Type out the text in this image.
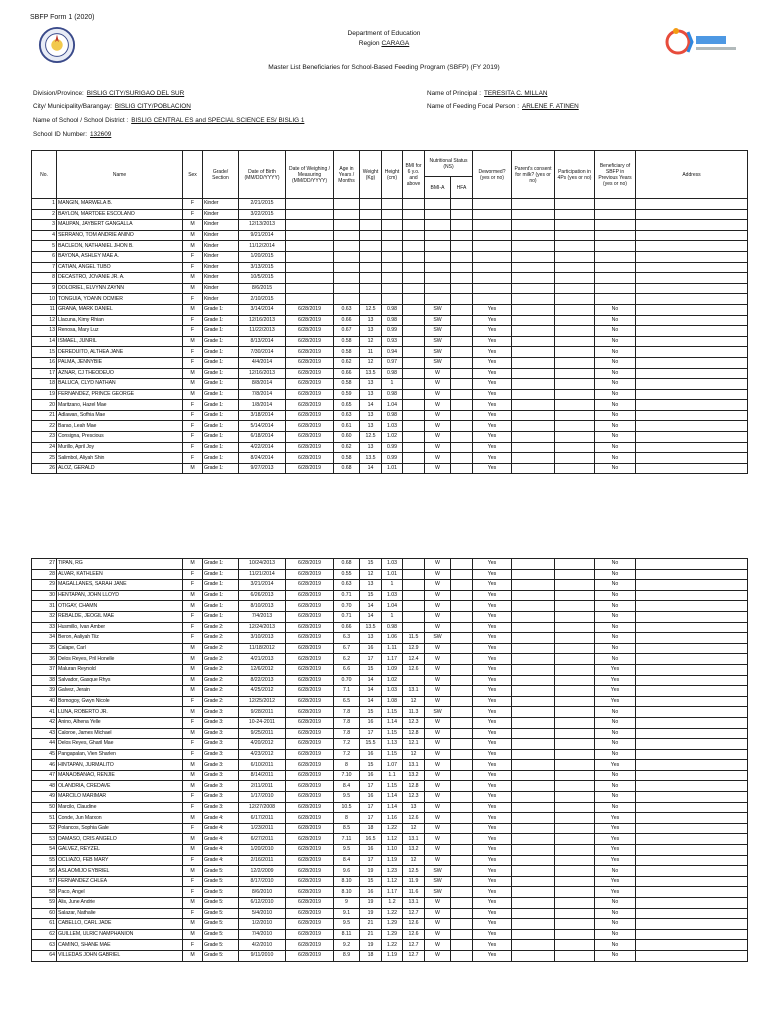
SBFP Form 1 (2020)
Department of Education
Region CARAGA
Master List Beneficiaries for School-Based Feeding Program (SBFP) (FY 2019)
Division/Province: BISLIG CITY/SURIGAO DEL SUR
City/ Municipality/Barangay: BISLIG CITY/POBLACION
Name of School / School District : BISLIG CENTRAL ES and SPECIAL SCIENCE ES/ BISLIG 1
School ID Number: 132609
Name of Principal : TERESITA C. MILLAN
Name of Feeding Focal Person : ARLENE F. ATINEN
No.	Name	Sex	Grade/ Section	Date of Birth (MM/DD/YYYY)	Date of Weighing / Measuring (MM/DD/YYYY)	Age in Years / Months	Weight (Kg)	Height (cm)	BMI for 6 y.o. and above	Nutritional Status (NS)		Dewormed? (yes or no)	Parent's consent for milk? (yes or no)	Participation in 4Ps (yes or no)	Beneficiary of SBFP in Previous Years (yes or no)	Address
										BMI-A	HFA					
1	MANGIN, MARWELA B.	F	Kinder	2/21/2015												
2	BAYLON, MARTDEE ESCOLANO	F	Kinder	3/22/2015												
3	MAUPAN, JAYBERT GANGALLA	M	Kinder	12/13/2013												
4	SERRANO, TOM ANDRIE ANINO	M	Kinder	9/21/2014												
5	BACLEON, NATHANIEL JHON B.	M	Kinder	11/12/2014												
6	BAYONA, ASHLEY MAE A.	F	Kinder	1/20/2015												
7	CATIAN, ANGEL TUBO	F	Kinder	3/13/2015												
8	DECASTRO, JOVANIE JR. A.	M	Kinder	10/5/2015												
9	DOLORIEL, ELVYNN ZAYNN	M	Kinder	8/6/2015												
10	TONGUIA, YOANN OCMIER	F	Kinder	2/10/2015												
11	GRANA, MARK DANIEL	M	Grade 1:	3/14/2014	6/28/2019	0.63	12.5	0.98		SW		Yes			No	
12	Llacuna, Kimy Rhian	F	Grade 1:	12/16/2013	6/28/2019	0.66	13	0.98		SW		Yes			No	
13	Renosa, Mary Luz	F	Grade 1:	11/22/2013	6/28/2019	0.67	13	0.99		SW		Yes			No	
14	ISMAEL, JUNRIL	M	Grade 1:	8/13/2014	6/28/2019	0.58	12	0.93		SW		Yes			No	
15	DEREDUITO, ALTHEA JANE	F	Grade 1:	7/30/2014	6/28/2019	0.58	11	0.94		SW		Yes			No	
16	PALMA, JENNYBIE	F	Grade 1:	4/4/2014	6/28/2019	0.62	12	0.97		SW		Yes			No	
17	AZNAR, CJ THEODEUO	M	Grade 1:	12/16/2013	6/28/2019	0.66	13.5	0.98		W		Yes			No	
18	BALUCA, CLYD NATHAN	M	Grade 1:	8/8/2014	6/28/2019	0.58	13	1		W		Yes			No	
19	FERNANDEZ, PRINCE GEORGE	M	Grade 1:	7/8/2014	6/28/2019	0.59	13	0.98		W		Yes			No	
20	Maritzano, Hazel Mae	F	Grade 1:	1/8/2014	6/28/2019	0.65	14	1.04		W		Yes			No	
21	Adlawan, Sofhia Mae	F	Grade 1:	3/18/2014	6/28/2019	0.63	13	0.98		W		Yes			No	
22	Barao, Leah Mae	F	Grade 1:	5/14/2014	6/28/2019	0.61	13	1.03		W		Yes			No	
23	Consigna, Prescious	F	Grade 1:	6/18/2014	6/28/2019	0.60	12.5	1.02		W		Yes			No	
24	Murillo, April Joy	F	Grade 1:	4/22/2014	6/28/2019	0.62	13	0.99		W		Yes			No	
25	Salimbol, Aliyah Shin	F	Grade 1:	8/24/2014	6/28/2019	0.58	13.5	0.99		W		Yes			No	
26	ALOZ, GERALD	M	Grade 1:	9/27/2013	6/28/2019	0.68	14	1.01		W		Yes			No	
27	TIPAN, RG	M	Grade 1:	10/24/2013	6/28/2019	0.68	15	1.03		W		Yes			No	
28	ALVAR, KATHLEEN	F	Grade 1:	11/21/2014	6/28/2019	0.55	12	1.01		W		Yes			No	
29	MAGALLANES, SARAH JANE	F	Grade 1:	3/21/2014	6/28/2019	0.63	13	1		W		Yes			No	
30	HENTAPAN, JOHN LLOYD	M	Grade 1:	6/26/2013	6/28/2019	0.71	15	1.03		W		Yes			No	
31	OTIGAY, CHAMN	M	Grade 1:	8/10/2013	6/28/2019	0.70	14	1.04		W		Yes			No	
32	REBALDE, JEOGIL MAE	F	Grade 1:	7/4/2013	6/28/2019	0.71	14	1		W		Yes			No	
33	Husmillo, Ivan Amber	F	Grade 2:	12/24/2013	6/28/2019	0.66	13.5	0.98		W		Yes			No	
34	Beron, Aaliyah Tiiz	F	Grade 2:	3/10/2013	6/28/2019	6.3	13	1.06	11.5	SW		Yes			No	
35	Calape, Carl	M	Grade 2:	11/18/2012	6/28/2019	6.7	16	1.11	12.9	W		Yes			No	
36	Delos Reyes, Pril Honelle	M	Grade 2:	4/21/2013	6/28/2019	6.2	17	1.17	12.4	W		Yes			No	
37	Maluran Reynold	M	Grade 2:	12/6/2012	6/28/2019	6.6	15	1.09	12.6	W		Yes			Yes	
38	Salvador, Gasque Rhys	M	Grade 2:	8/22/2013	6/28/2019	0.70	14	1.02		W		Yes			Yes	
39	Galvez, Jerain	M	Grade 2:	4/25/2012	6/28/2019	7.1	14	1.03	13.1	W		Yes			Yes	
40	Bomogoy, Gwyn Nicole	F	Grade 2:	12/25/2012	6/28/2019	6.5	14	1.08	12	W		Yes			Yes	
41	LUNA, ROBERTO JR.	M	Grade 3:	9/28/2011	6/28/2019	7.8	15	1.15	11.3	SW		Yes			No	
42	Anino, Alhena Yelle	F	Grade 3:	10-24-2011	6/28/2019	7.8	16	1.14	12.3	W		Yes			No	
43	Caloroe, James Michael	M	Grade 3:	9/25/2011	6/28/2019	7.8	17	1.15	12.8	W		Yes			No	
44	Delos Reyes, Gharil Mae	F	Grade 3:	4/20/2012	6/28/2019	7.2	15.5	1.13	12.1	W		Yes			No	
45	Pangapalan, Vien Sharlen	F	Grade 3:	4/23/2012	6/28/2019	7.2	16	1.15	12	W		Yes			No	
46	HINTAPAN, JURMALITO	M	Grade 3:	6/10/2011	6/28/2019	8	15	1.07	13.1	W		Yes			Yes	
47	MANAOBANAO, RENJIE	M	Grade 3:	8/14/2011	6/28/2019	7.10	16	1.1	13.2	W		Yes			No	
48	OLANDRIA, CREDAVE	M	Grade 3:	2/11/2011	6/28/2019	8.4	17	1.15	12.8	W		Yes			No	
49	MARCILO MARIMAR	F	Grade 3:	1/17/2010	6/28/2019	9.5	16	1.14	12.3	W		Yes			No	
50	Marcilo, Claudine	F	Grade 3:	12/27/2008	6/28/2019	10.5	17	1.14	13	W		Yes			No	
51	Conde, Jun Marxon	M	Grade 4:	6/17/2011	6/28/2019	8	17	1.16	12.6	W		Yes			Yes	
52	Polancos, Sophia Gale	F	Grade 4:	1/23/2011	6/28/2019	8.5	18	1.22	12	W		Yes			Yes	
53	DAMASO, CRIS ANGELO	M	Grade 4:	6/27/2011	6/28/2019	7.11	16.5	1.12	13.1	W		Yes			Yes	
54	GALVEZ, REYZEL	M	Grade 4:	1/20/2010	6/28/2019	9.5	16	1.10	13.2	W		Yes			Yes	
55	OCLIAZO, FEB MARY	F	Grade 4:	2/16/2011	6/28/2019	8.4	17	1.19	12	W		Yes			Yes	
56	ASLAOMIJO EYBRIEL	M	Grade 5:	12/2/2009	6/28/2019	9.6	19	1.23	12.5	SW		Yes			No	
57	FERNANDEZ CHLEA	F	Grade 5:	8/17/2010	6/28/2019	8.10	15	1.12	11.9	SW		Yes			Yes	
58	Paco, Angel	F	Grade 5:	8/6/2010	6/28/2019	8.10	16	1.17	11.6	SW		Yes			Yes	
59	Alis, June Andrie	M	Grade 5:	6/12/2010	6/28/2019	9	19	1.2	13.1	W		Yes			No	
60	Salazar, Nathalie	F	Grade 5:	5/4/2010	6/28/2019	9.1	19	1.22	12.7	W		Yes			No	
61	CABELLO, CARL JADE	M	Grade 5:	1/2/2010	6/28/2019	9.5	21	1.29	12.6	W		Yes			No	
62	GUILLEM, ULRIC NAMPHANION	M	Grade 5:	7/4/2010	6/28/2019	8.11	21	1.29	12.6	W		Yes			No	
63	CAMINO, SHANE MAE	F	Grade 5:	4/2/2010	6/28/2019	9.2	19	1.22	12.7	W		Yes			No	
64	VILLEDAS JOHN GABRIEL	M	Grade 5:	9/11/2010	6/28/2019	8.9	18	1.19	12.7	W		Yes			No	
